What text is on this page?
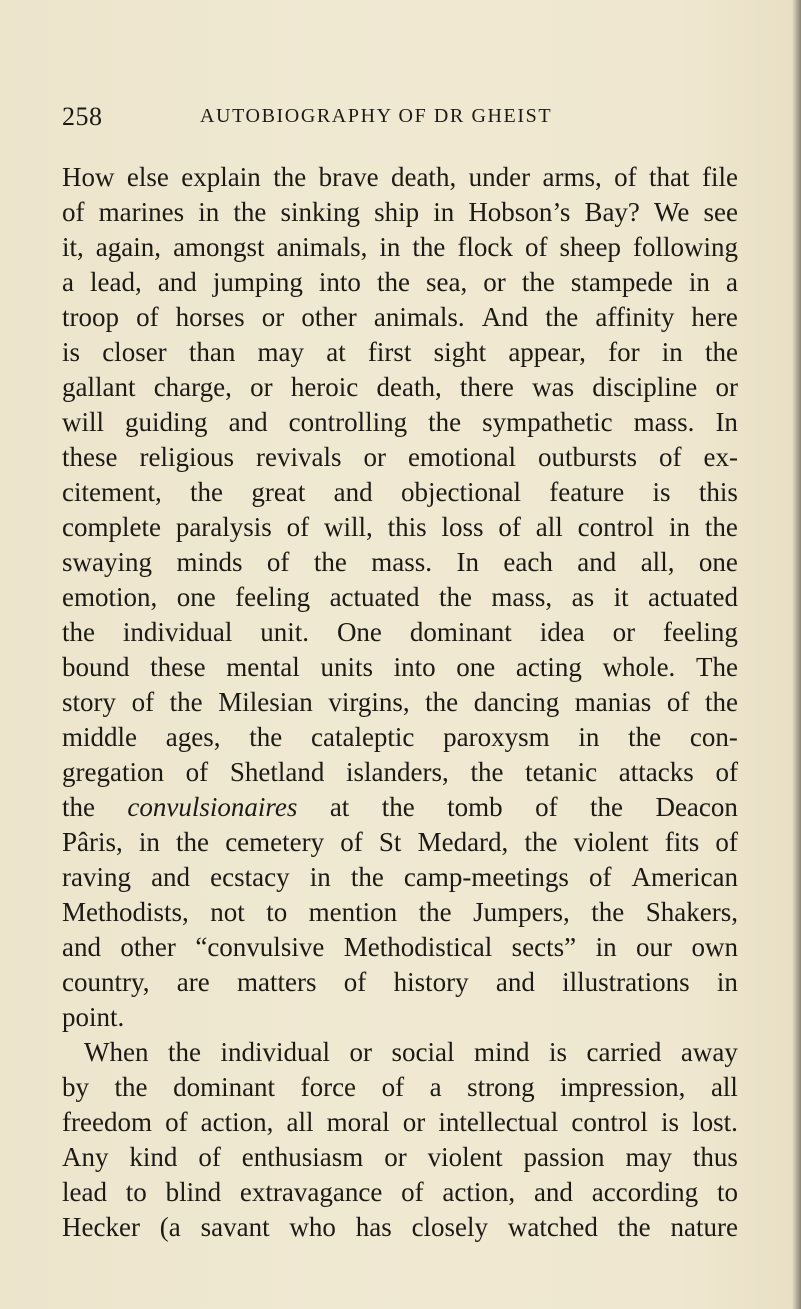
258	AUTOBIOGRAPHY OF DR GHEIST
How else explain the brave death, under arms, of that file
of marines in the sinking ship in Hobson’s Bay? We see
it, again, amongst animals, in the flock of sheep following
a lead, and jumping into the sea, or the stampede in a
troop of horses or other animals. And the affinity here
is closer than may at first sight appear, for in the
gallant charge, or heroic death, there was discipline or
will guiding and controlling the sympathetic mass. In
these religious revivals or emotional outbursts of ex-
citement, the great and objectional feature is this
complete paralysis of will, this loss of all control in the
swaying minds of the mass. In each and all, one
emotion, one feeling actuated the mass, as it actuated
the individual unit. One dominant idea or feeling
bound these mental units into one acting whole. The
story of the Milesian virgins, the dancing manias of the
middle ages, the cataleptic paroxysm in the con-
gregation of Shetland islanders, the tetanic attacks of
the convulsionaires at the tomb of the Deacon
Pâris, in the cemetery of St Medard, the violent fits of
raving and ecstacy in the camp-meetings of American
Methodists, not to mention the Jumpers, the Shakers,
and other “convulsive Methodistical sects” in our own
country, are matters of history and illustrations in
point.
When the individual or social mind is carried away
by the dominant force of a strong impression, all
freedom of action, all moral or intellectual control is lost.
Any kind of enthusiasm or violent passion may thus
lead to blind extravagance of action, and according to
Hecker (a savant who has closely watched the nature
